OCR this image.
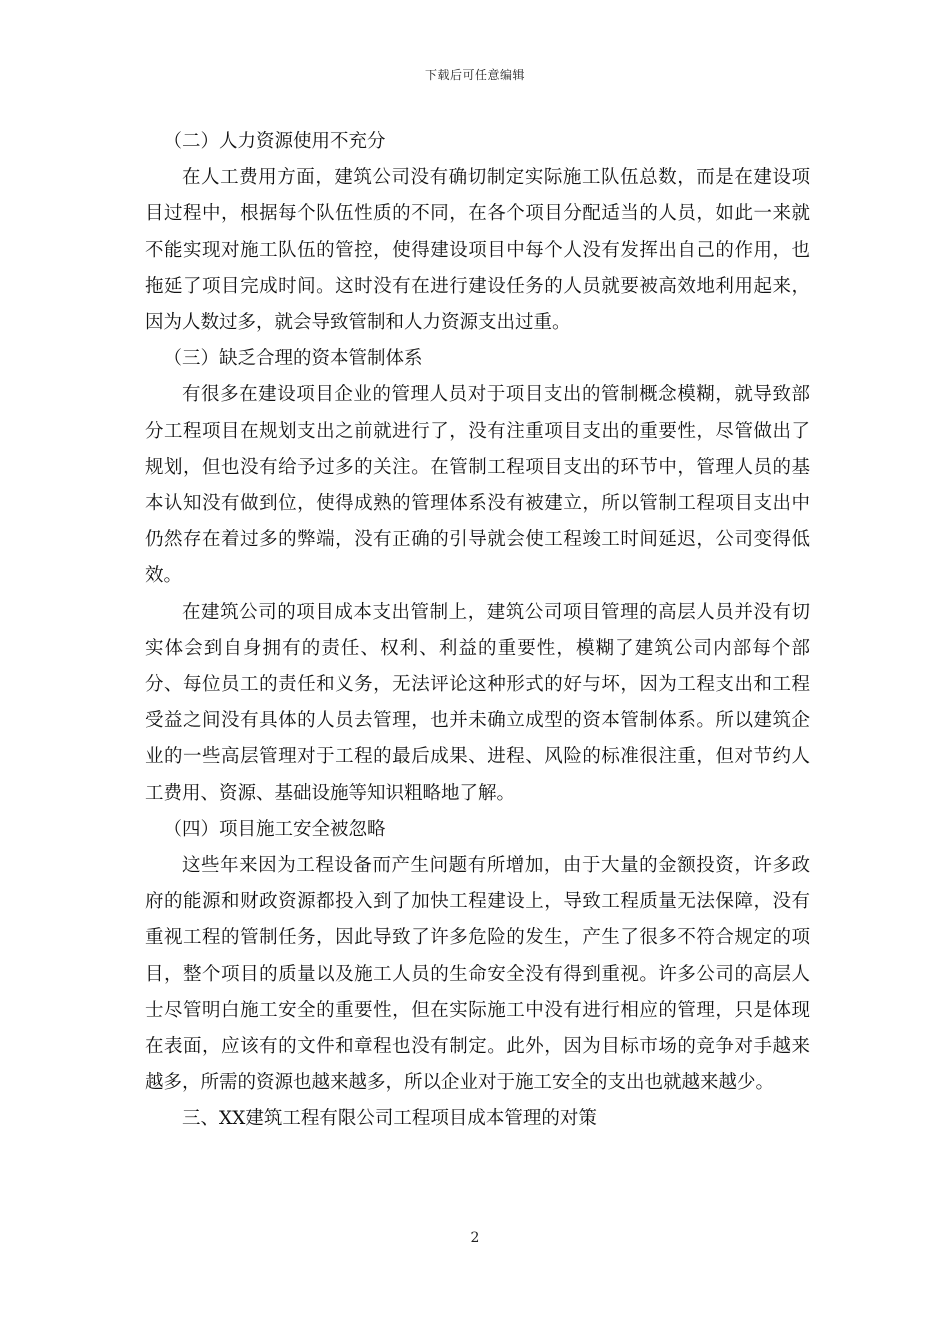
下载后可任意编辑

（二）人力资源使用不充分

在人工费用方面，建筑公司没有确切制定实际施工队伍总数，而是在建设项目过程中，根据每个队伍性质的不同，在各个项目分配适当的人员，如此一来就不能实现对施工队伍的管控，使得建设项目中每个人没有发挥出自己的作用，也拖延了项目完成时间。这时没有在进行建设任务的人员就要被高效地利用起来，因为人数过多，就会导致管制和人力资源支出过重。

（三）缺乏合理的资本管制体系

有很多在建设项目企业的管理人员对于项目支出的管制概念模糊，就导致部分工程项目在规划支出之前就进行了，没有注重项目支出的重要性，尽管做出了规划，但也没有给予过多的关注。在管制工程项目支出的环节中，管理人员的基本认知没有做到位，使得成熟的管理体系没有被建立，所以管制工程项目支出中仍然存在着过多的弊端，没有正确的引导就会使工程竣工时间延迟，公司变得低效。

在建筑公司的项目成本支出管制上，建筑公司项目管理的高层人员并没有切实体会到自身拥有的责任、权利、利益的重要性，模糊了建筑公司内部每个部分、每位员工的责任和义务，无法评论这种形式的好与坏，因为工程支出和工程受益之间没有具体的人员去管理，也并未确立成型的资本管制体系。所以建筑企业的一些高层管理对于工程的最后成果、进程、风险的标准很注重，但对节约人工费用、资源、基础设施等知识粗略地了解。

（四）项目施工安全被忽略

这些年来因为工程设备而产生问题有所增加，由于大量的金额投资，许多政府的能源和财政资源都投入到了加快工程建设上，导致工程质量无法保障，没有重视工程的管制任务，因此导致了许多危险的发生，产生了很多不符合规定的项目，整个项目的质量以及施工人员的生命安全没有得到重视。许多公司的高层人士尽管明白施工安全的重要性，但在实际施工中没有进行相应的管理，只是体现在表面，应该有的文件和章程也没有制定。此外，因为目标市场的竞争对手越来越多，所需的资源也越来越多，所以企业对于施工安全的支出也就越来越少。

三、XX建筑工程有限公司工程项目成本管理的对策

2
